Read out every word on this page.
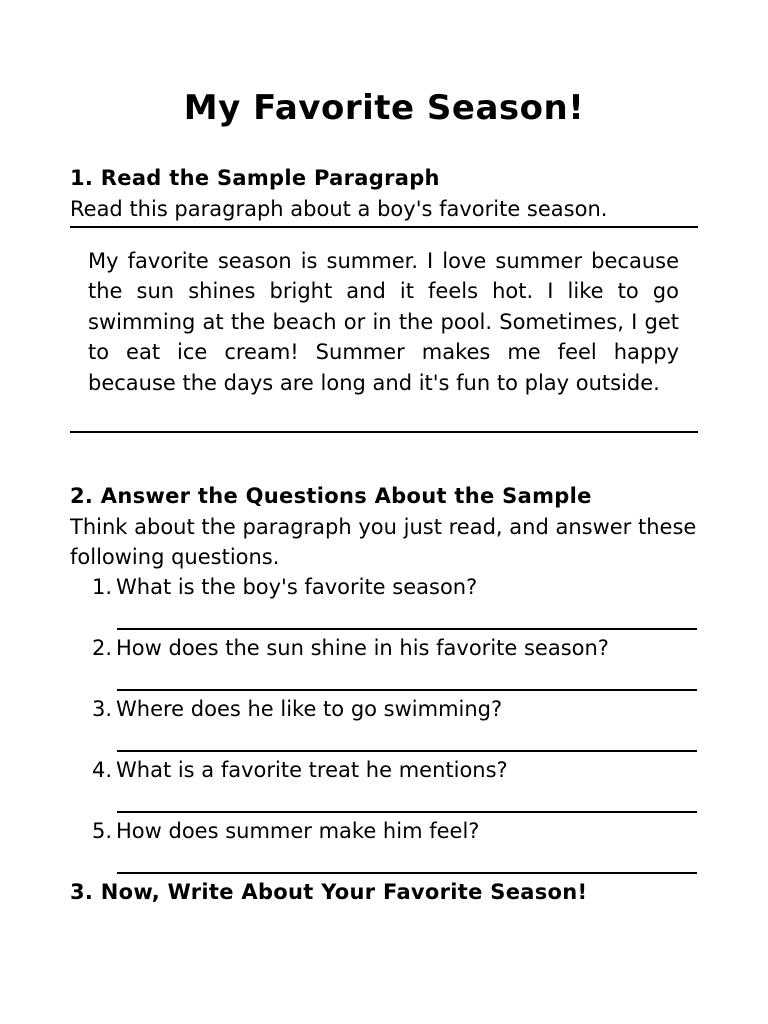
My Favorite Season!
1. Read the Sample Paragraph

Read this paragraph about a boy's favorite season.

My favorite season is summer. I love summer because the sun shines bright and it feels hot. I like to go swimming at the beach or in the pool. Sometimes, I get to eat ice cream! Summer makes me feel happy because the days are long and it's fun to play outside.

2. Answer the Questions About the Sample

Think about the paragraph you just read, and answer these following questions.

1. What is the boy's favorite season?
2. How does the sun shine in his favorite season?
3. Where does he like to go swimming?
4. What is a favorite treat he mentions?
5. How does summer make him feel?
3. Now, Write About Your Favorite Season!
